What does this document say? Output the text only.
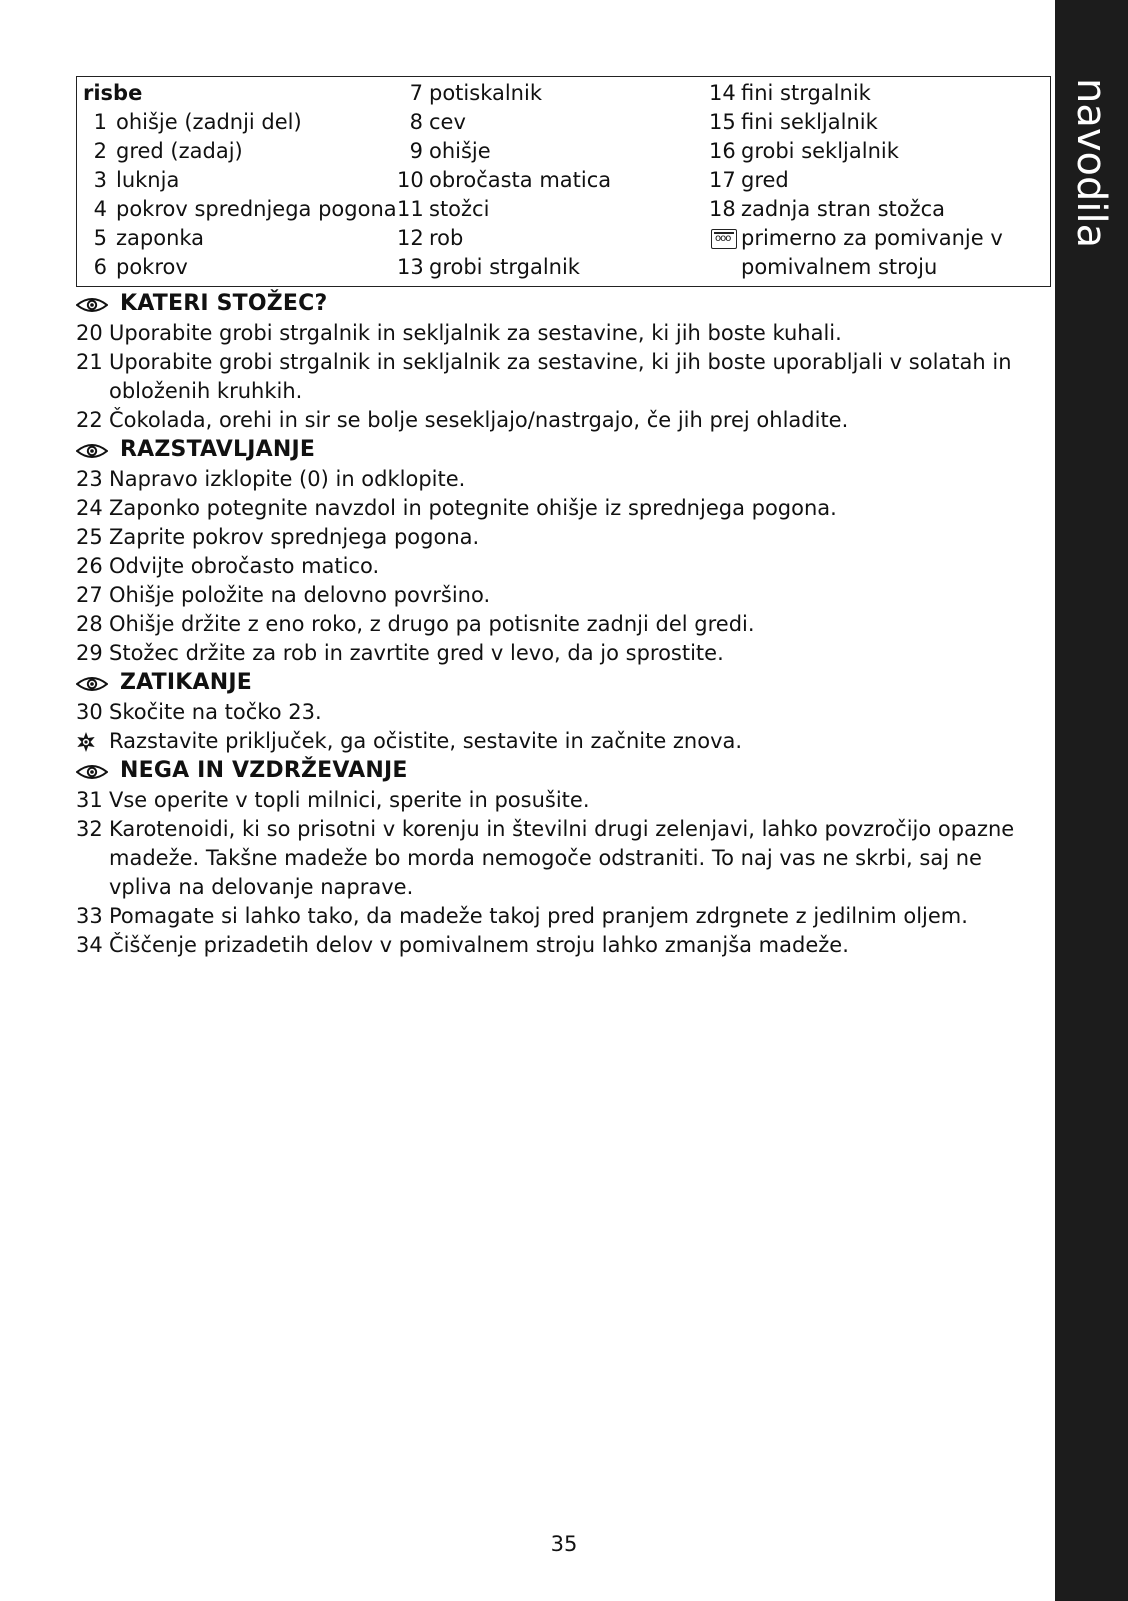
navodila
risbe
1 ohišje (zadnji del)
2 gred (zadaj)
3 luknja
4 pokrov sprednjega pogona
5 zaponka
6 pokrov
7 potiskalnik
8 cev
9 ohišje
10 obročasta matica
11 stožci
12 rob
13 grobi strgalnik
14 fini strgalnik
15 fini sekljalnik
16 grobi sekljalnik
17 gred
18 zadnja stran stožca
ooo
primerno za pomivanje v
pomivalnem stroju
KATERI STOŽEC?
20 Uporabite grobi strgalnik in sekljalnik za sestavine, ki jih boste kuhali.
21 Uporabite grobi strgalnik in sekljalnik za sestavine, ki jih boste uporabljali v solatah in obloženih kruhkih.
22 Čokolada, orehi in sir se bolje sesekljajo/nastrgajo, če jih prej ohladite.
RAZSTAVLJANJE
23 Napravo izklopite (0) in odklopite.
24 Zaponko potegnite navzdol in potegnite ohišje iz sprednjega pogona.
25 Zaprite pokrov sprednjega pogona.
26 Odvijte obročasto matico.
27 Ohišje položite na delovno površino.
28 Ohišje držite z eno roko, z drugo pa potisnite zadnji del gredi.
29 Stožec držite za rob in zavrtite gred v levo, da jo sprostite.
ZATIKANJE
30 Skočite na točko 23.
Razstavite priključek, ga očistite, sestavite in začnite znova.
NEGA IN VZDRŽEVANJE
31 Vse operite v topli milnici, sperite in posušite.
32 Karotenoidi, ki so prisotni v korenju in številni drugi zelenjavi, lahko povzročijo opazne madeže. Takšne madeže bo morda nemogoče odstraniti. To naj vas ne skrbi, saj ne vpliva na delovanje naprave.
33 Pomagate si lahko tako, da madeže takoj pred pranjem zdrgnete z jedilnim oljem.
34 Čiščenje prizadetih delov v pomivalnem stroju lahko zmanjša madeže.
35
